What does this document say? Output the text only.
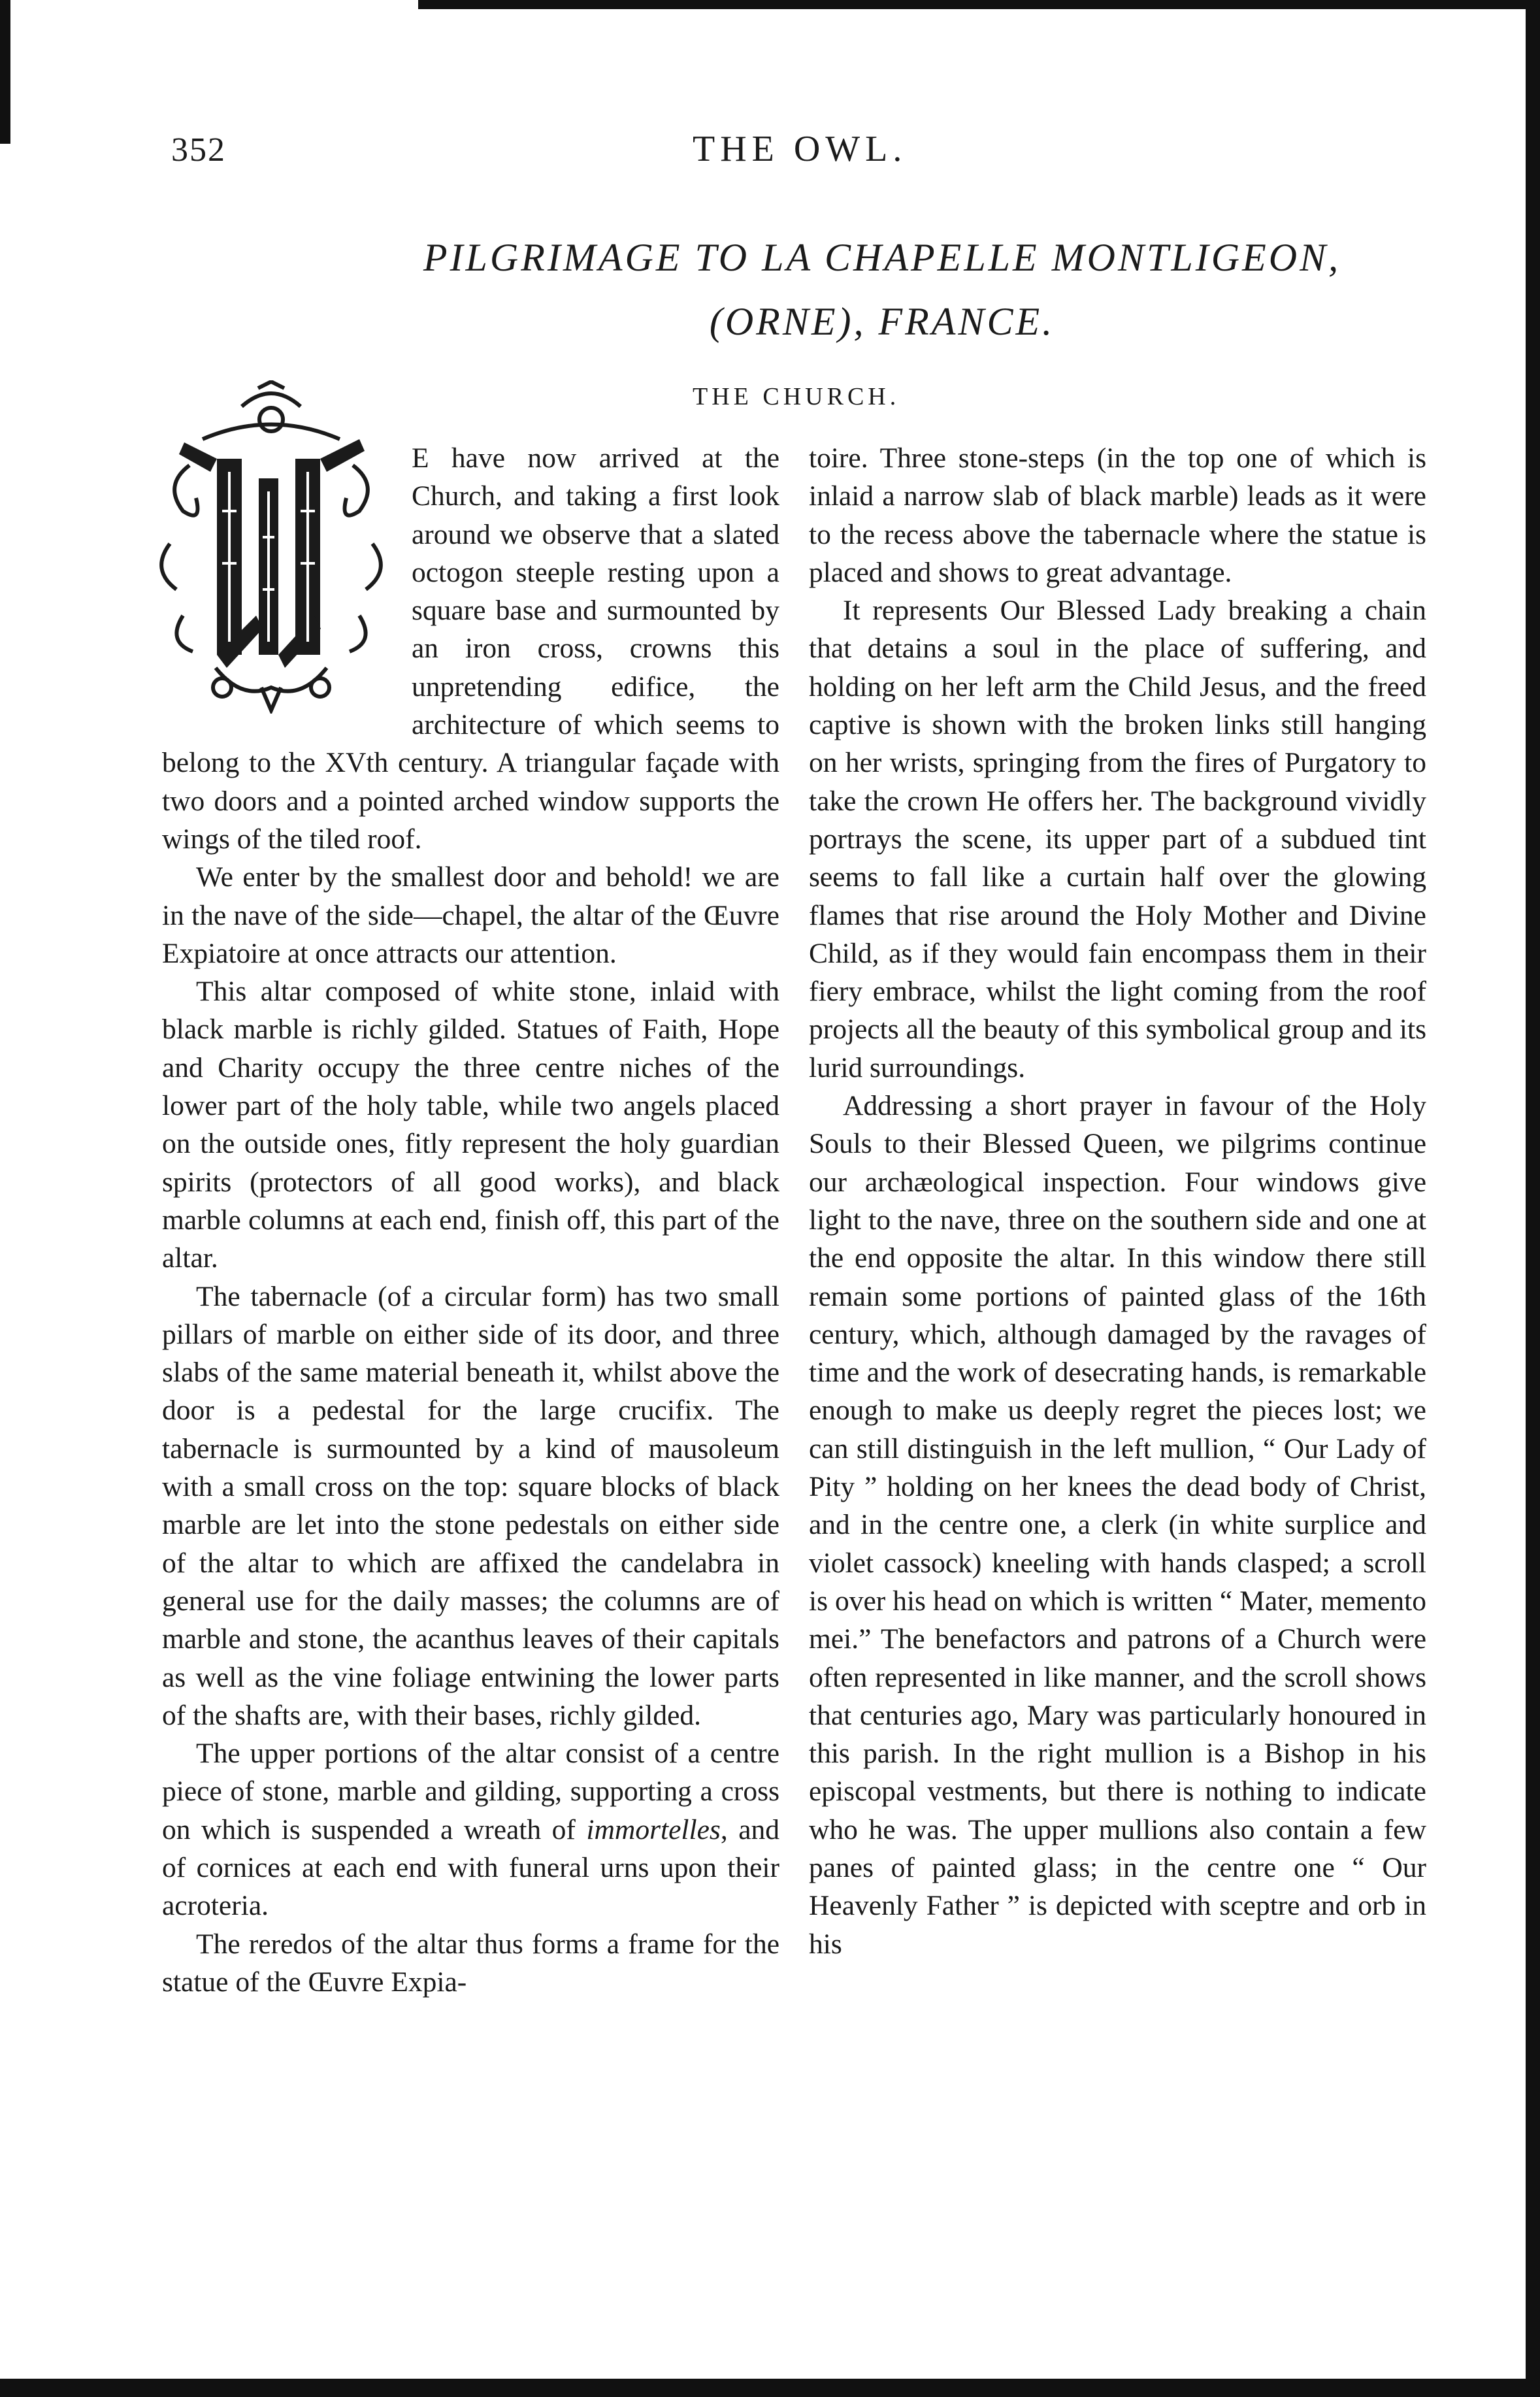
352	THE OWL.
PILGRIMAGE TO LA CHAPELLE MONTLIGEON,
(ORNE), FRANCE.
THE CHURCH.

E have now arrived at the Church, and taking a first look around we observe that a slated octogon steeple resting upon a square base and surmounted by an iron cross, crowns this unpretending edifice, the architecture of which seems to belong to the XVth century. A triangular façade with two doors and a pointed arched window supports the wings of the tiled roof.

We enter by the smallest door and behold! we are in the nave of the side—chapel, the altar of the Œuvre Expiatoire at once attracts our attention.

This altar composed of white stone, inlaid with black marble is richly gilded. Statues of Faith, Hope and Charity occupy the three centre niches of the lower part of the holy table, while two angels placed on the outside ones, fitly represent the holy guardian spirits (protectors of all good works), and black marble columns at each end, finish off, this part of the altar.

The tabernacle (of a circular form) has two small pillars of marble on either side of its door, and three slabs of the same material beneath it, whilst above the door is a pedestal for the large crucifix. The tabernacle is surmounted by a kind of mausoleum with a small cross on the top: square blocks of black marble are let into the stone pedestals on either side of the altar to which are affixed the candelabra in general use for the daily masses; the columns are of marble and stone, the acanthus leaves of their capitals as well as the vine foliage entwining the lower parts of the shafts are, with their bases, richly gilded.

The upper portions of the altar consist of a centre piece of stone, marble and gilding, supporting a cross on which is suspended a wreath of immortelles, and of cornices at each end with funeral urns upon their acroteria.

The reredos of the altar thus forms a frame for the statue of the Œuvre Expia-

toire. Three stone-steps (in the top one of which is inlaid a narrow slab of black marble) leads as it were to the recess above the tabernacle where the statue is placed and shows to great advantage.

It represents Our Blessed Lady breaking a chain that detains a soul in the place of suffering, and holding on her left arm the Child Jesus, and the freed captive is shown with the broken links still hanging on her wrists, springing from the fires of Purgatory to take the crown He offers her. The background vividly portrays the scene, its upper part of a subdued tint seems to fall like a curtain half over the glowing flames that rise around the Holy Mother and Divine Child, as if they would fain encompass them in their fiery embrace, whilst the light coming from the roof projects all the beauty of this symbolical group and its lurid surroundings.

Addressing a short prayer in favour of the Holy Souls to their Blessed Queen, we pilgrims continue our archæological inspection. Four windows give light to the nave, three on the southern side and one at the end opposite the altar. In this window there still remain some portions of painted glass of the 16th century, which, although damaged by the ravages of time and the work of desecrating hands, is remarkable enough to make us deeply regret the pieces lost; we can still distinguish in the left mullion, “ Our Lady of Pity ” holding on her knees the dead body of Christ, and in the centre one, a clerk (in white surplice and violet cassock) kneeling with hands clasped; a scroll is over his head on which is written “ Mater, memento mei.” The benefactors and patrons of a Church were often represented in like manner, and the scroll shows that centuries ago, Mary was particularly honoured in this parish. In the right mullion is a Bishop in his episcopal vestments, but there is nothing to indicate who he was. The upper mullions also contain a few panes of painted glass; in the centre one “ Our Heavenly Father ” is depicted with sceptre and orb in his
